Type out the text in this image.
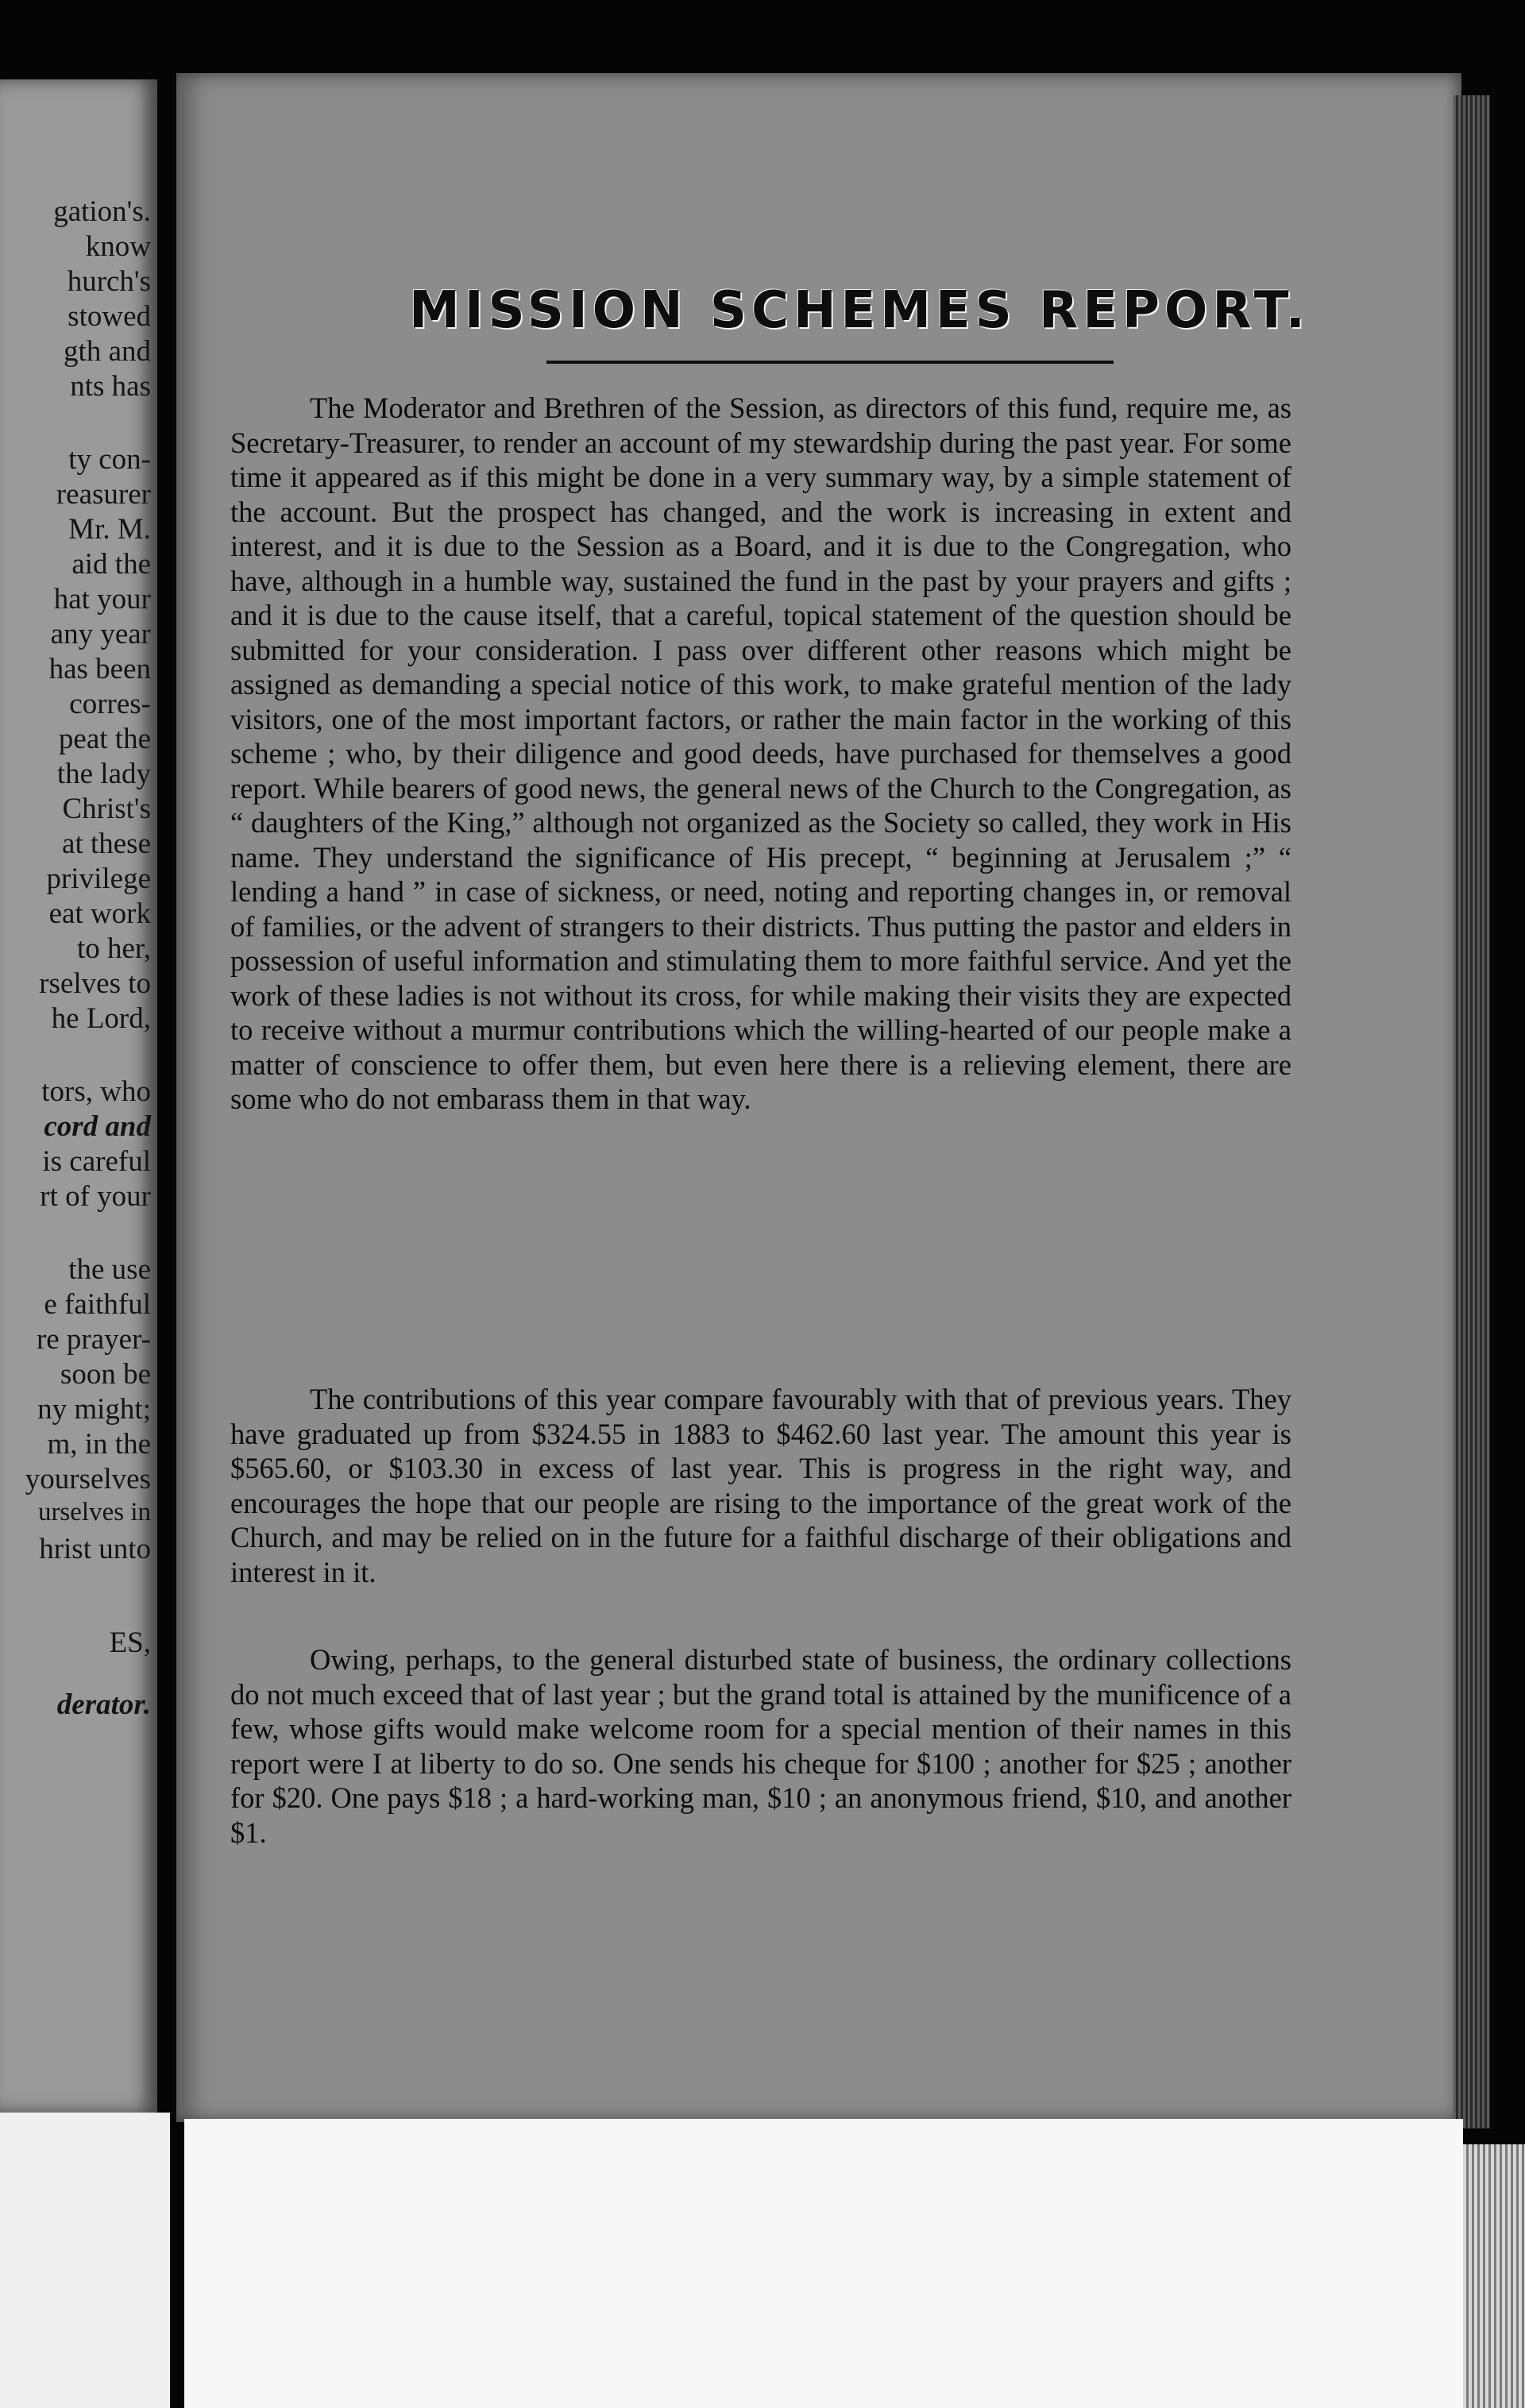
gation's.
know
hurch's
stowed
gth and
nts has
ty con-
reasurer
Mr. M.
aid the
hat your
any year
has been
corres-
peat the
the lady
Christ's
at these
privilege
eat work
to her,
rselves to
he Lord,
tors, who
cord and
is careful
rt of your
the use
e faithful
re prayer-
soon be
ny might;
m, in the
yourselves
urselves in
hrist unto
ES,
derator.
MISSION SCHEMES REPORT.

The Moderator and Brethren of the Session, as directors of this fund, require me, as Secretary-Treasurer, to render an account of my stewardship during the past year. For some time it appeared as if this might be done in a very summary way, by a simple statement of the account. But the prospect has changed, and the work is increasing in extent and interest, and it is due to the Session as a Board, and it is due to the Congregation, who have, although in a humble way, sustained the fund in the past by your prayers and gifts ; and it is due to the cause itself, that a careful, topical statement of the question should be submitted for your consideration. I pass over different other reasons which might be assigned as demanding a special notice of this work, to make grateful mention of the lady visitors, one of the most important factors, or rather the main factor in the working of this scheme ; who, by their diligence and good deeds, have purchased for themselves a good report. While bearers of good news, the general news of the Church to the Congregation, as “ daughters of the King,” although not organized as the Society so called, they work in His name. They understand the significance of His precept, “ beginning at Jerusalem ;” “ lending a hand ” in case of sickness, or need, noting and reporting changes in, or removal of families, or the advent of strangers to their districts. Thus putting the pastor and elders in possession of useful information and stimulating them to more faithful service. And yet the work of these ladies is not without its cross, for while making their visits they are expected to receive without a murmur contributions which the willing-hearted of our people make a matter of conscience to offer them, but even here there is a relieving element, there are some who do not embarass them in that way.

The contributions of this year compare favourably with that of previous years. They have graduated up from $324.55 in 1883 to $462.60 last year. The amount this year is $565.60, or $103.30 in excess of last year. This is progress in the right way, and encourages the hope that our people are rising to the importance of the great work of the Church, and may be relied on in the future for a faithful discharge of their obligations and interest in it.

Owing, perhaps, to the general disturbed state of business, the ordinary collections do not much exceed that of last year ; but the grand total is attained by the munificence of a few, whose gifts would make welcome room for a special mention of their names in this report were I at liberty to do so. One sends his cheque for $100 ; another for $25 ; another for $20. One pays $18 ; a hard-working man, $10 ; an anonymous friend, $10, and another $1.
